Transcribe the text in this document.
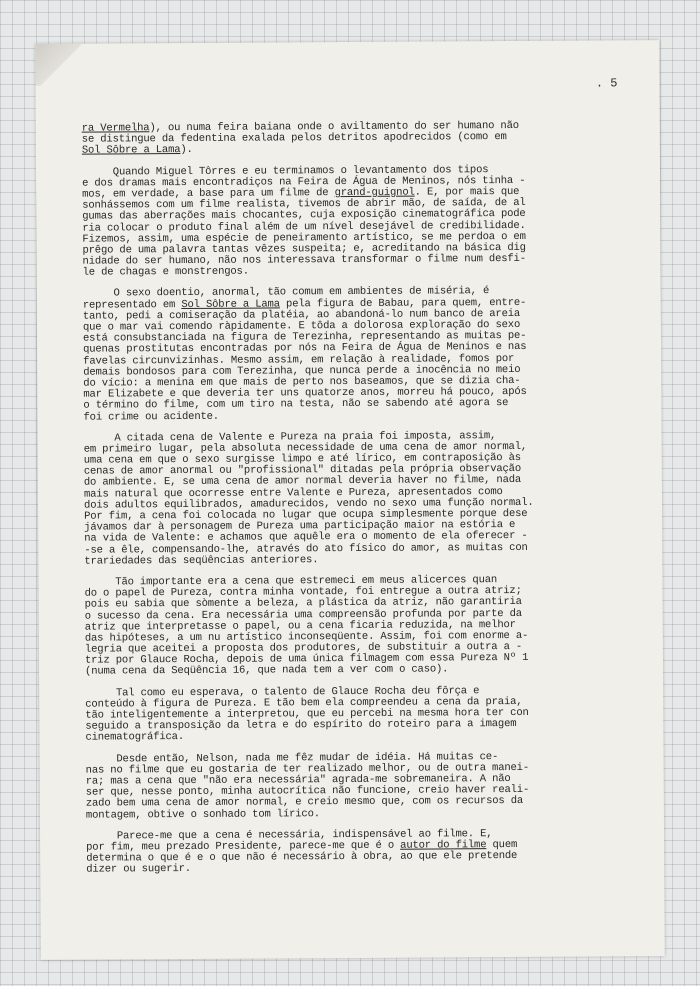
. 5
ra Vermelha), ou numa feira baiana onde o aviltamento do ser humano não
se distingue da fedentina exalada pelos detritos apodrecidos (como em
Sol Sôbre a Lama).
Quando Miguel Tôrres e eu terminamos o levantamento dos tipos
e dos dramas mais encontradiços na Feira de Água de Meninos, nós tinha -
mos, em verdade, a base para um filme de grand-guignol. E, por mais que
sonhássemos com um filme realista, tivemos de abrir mão, de saída, de al
gumas das aberrações mais chocantes, cuja exposição cinematográfica pode
ria colocar o produto final além de um nível desejável de credibilidade.
Fizemos, assim, uma espécie de peneiramento artístico, se me perdoa o em
prêgo de uma palavra tantas vêzes suspeita; e, acreditando na básica dig
nidade do ser humano, não nos interessava transformar o filme num desfi-
le de chagas e monstrengos.
O sexo doentio, anormal, tão comum em ambientes de miséria, é
representado em Sol Sôbre a Lama pela figura de Babau, para quem, entre-
tanto, pedi a comiseração da platéia, ao abandoná-lo num banco de areia
que o mar vai comendo ràpidamente. E tôda a dolorosa exploração do sexo
está consubstanciada na figura de Terezinha, representando as muitas pe-
quenas prostitutas encontradas por nós na Feira de Água de Meninos e nas
favelas circunvizinhas. Mesmo assim, em relação à realidade, fomos por
demais bondosos para com Terezinha, que nunca perde a inocência no meio
do vício: a menina em que mais de perto nos baseamos, que se dizia cha-
mar Elizabete e que deveria ter uns quatorze anos, morreu há pouco, após
o término do filme, com um tiro na testa, não se sabendo até agora se
foi crime ou acidente.
A citada cena de Valente e Pureza na praia foi imposta, assim,
em primeiro lugar, pela absoluta necessidade de uma cena de amor normal,
uma cena em que o sexo surgisse limpo e até lírico, em contraposição às
cenas de amor anormal ou "profissional" ditadas pela própria observação
do ambiente. E, se uma cena de amor normal deveria haver no filme, nada
mais natural que ocorresse entre Valente e Pureza, apresentados como
dois adultos equilibrados, amadurecidos, vendo no sexo uma função normal.
Por fim, a cena foi colocada no lugar que ocupa simplesmente porque dese
jávamos dar à personagem de Pureza uma participação maior na estória e
na vida de Valente: e achamos que aquêle era o momento de ela oferecer -
-se a êle, compensando-lhe, através do ato físico do amor, as muitas con
trariedades das seqüências anteriores.
Tão importante era a cena que estremeci em meus alicerces quan
do o papel de Pureza, contra minha vontade, foi entregue a outra atriz;
pois eu sabia que sòmente a beleza, a plástica da atriz, não garantiria
o sucesso da cena. Era necessária uma compreensão profunda por parte da
atriz que interpretasse o papel, ou a cena ficaria reduzida, na melhor
das hipóteses, a um nu artístico inconseqüente. Assim, foi com enorme a-
legria que aceitei a proposta dos produtores, de substituir a outra a -
triz por Glauce Rocha, depois de uma única filmagem com essa Pureza Nº 1
(numa cena da Seqüência 16, que nada tem a ver com o caso).
Tal como eu esperava, o talento de Glauce Rocha deu fôrça e
conteúdo à figura de Pureza. E tão bem ela compreendeu a cena da praia,
tão inteligentemente a interpretou, que eu percebi na mesma hora ter con
seguido a transposição da letra e do espírito do roteiro para a imagem
cinematográfica.
Desde então, Nelson, nada me fêz mudar de idéia. Há muitas ce-
nas no filme que eu gostaria de ter realizado melhor, ou de outra manei-
ra; mas a cena que "não era necessária" agrada-me sobremaneira. A não
ser que, nesse ponto, minha autocrítica não funcione, creio haver reali-
zado bem uma cena de amor normal, e creio mesmo que, com os recursos da
montagem, obtive o sonhado tom lírico.
Parece-me que a cena é necessária, indispensável ao filme. E,
por fim, meu prezado Presidente, parece-me que é o autor do filme quem
determina o que é e o que não é necessário à obra, ao que ele pretende
dizer ou sugerir.
